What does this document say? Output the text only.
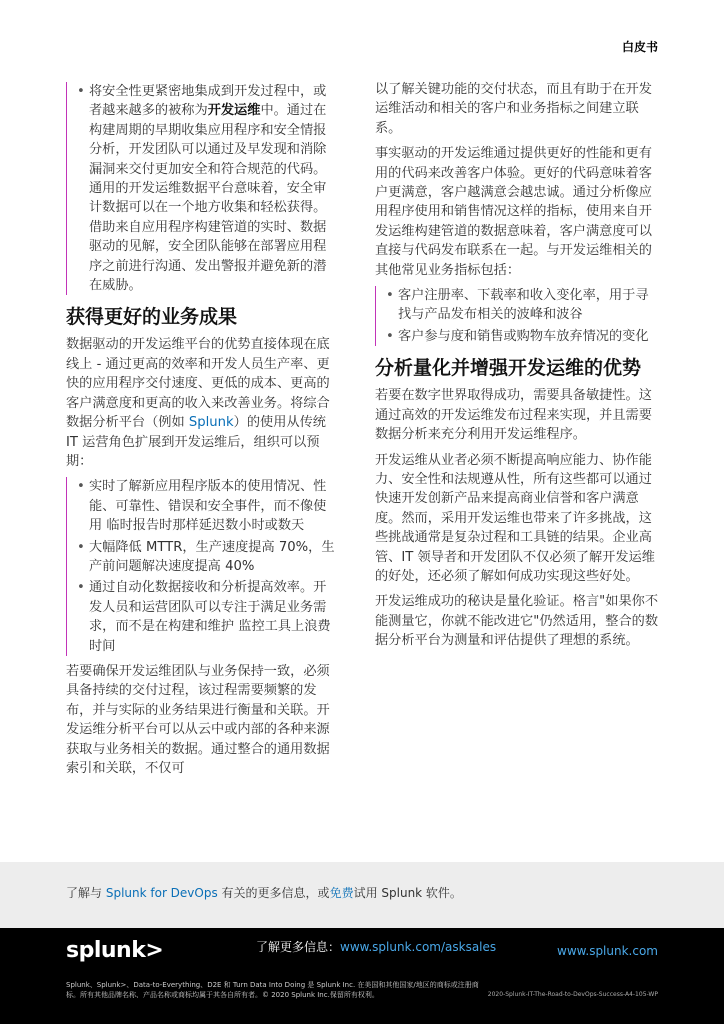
白皮书
• 将安全性更紧密地集成到开发过程中，或者越来越多的被称为开发运维中。通过在构建周期的早期收集应用程序和安全情报分析，开发团队可以通过及早发现和消除漏洞来交付更加安全和符合规范的代码。通用的开发运维数据平台意味着，安全审计数据可以在一个地方收集和轻松获得。借助来自应用程序构建管道的实时、数据驱动的见解，安全团队能够在部署应用程序之前进行沟通、发出警报并避免新的潜在威胁。
获得更好的业务成果

数据驱动的开发运维平台的优势直接体现在底线上 - 通过更高的效率和开发人员生产率、更快的应用程序交付速度、更低的成本、更高的客户满意度和更高的收入来改善业务。将综合数据分析平台（例如 Splunk）的使用从传统 IT 运营角色扩展到开发运维后，组织可以预期：

• 实时了解新应用程序版本的使用情况、性能、可靠性、错误和安全事件，而不像使用 临时报告时那样延迟数小时或数天
• 大幅降低 MTTR，生产速度提高 70%，生产前问题解决速度提高 40%
• 通过自动化数据接收和分析提高效率。开发人员和运营团队可以专注于满足业务需求，而不是在构建和维护 监控工具上浪费时间

若要确保开发运维团队与业务保持一致，必须具备持续的交付过程，该过程需要频繁的发布，并与实际的业务结果进行衡量和关联。开发运维分析平台可以从云中或内部的各种来源获取与业务相关的数据。通过整合的通用数据索引和关联，不仅可

以了解关键功能的交付状态，而且有助于在开发运维活动和相关的客户和业务指标之间建立联系。

事实驱动的开发运维通过提供更好的性能和更有用的代码来改善客户体验。更好的代码意味着客户更满意，客户越满意会越忠诚。通过分析像应用程序使用和销售情况这样的指标，使用来自开发运维构建管道的数据意味着，客户满意度可以直接与代码发布联系在一起。与开发运维相关的其他常见业务指标包括：

• 客户注册率、下载率和收入变化率，用于寻找与产品发布相关的波峰和波谷
• 客户参与度和销售或购物车放弃情况的变化
分析量化并增强开发运维的优势

若要在数字世界取得成功，需要具备敏捷性。这通过高效的开发运维发布过程来实现，并且需要数据分析来充分利用开发运维程序。

开发运维从业者必须不断提高响应能力、协作能力、安全性和法规遵从性，所有这些都可以通过快速开发创新产品来提高商业信誉和客户满意度。然而，采用开发运维也带来了许多挑战，这些挑战通常是复杂过程和工具链的结果。企业高管、IT 领导者和开发团队不仅必须了解开发运维的好处，还必须了解如何成功实现这些好处。

开发运维成功的秘诀是量化验证。格言"如果你不能测量它，你就不能改进它"仍然适用，整合的数据分析平台为测量和评估提供了理想的系统。

了解与 Splunk for DevOps 有关的更多信息，或免费试用 Splunk 软件。
splunk>	了解更多信息：www.splunk.com/asksales	www.splunk.com
Splunk、Splunk>、Data-to-Everything、D2E 和 Turn Data Into Doing 是 Splunk Inc. 在美国和其他国家/地区的商标或注册商标。所有其他品牌名称、产品名称或商标均属于其各自所有者。© 2020 Splunk Inc.保留所有权利。	2020-Splunk-IT-The-Road-to-DevOps-Success-A4-105-WP
